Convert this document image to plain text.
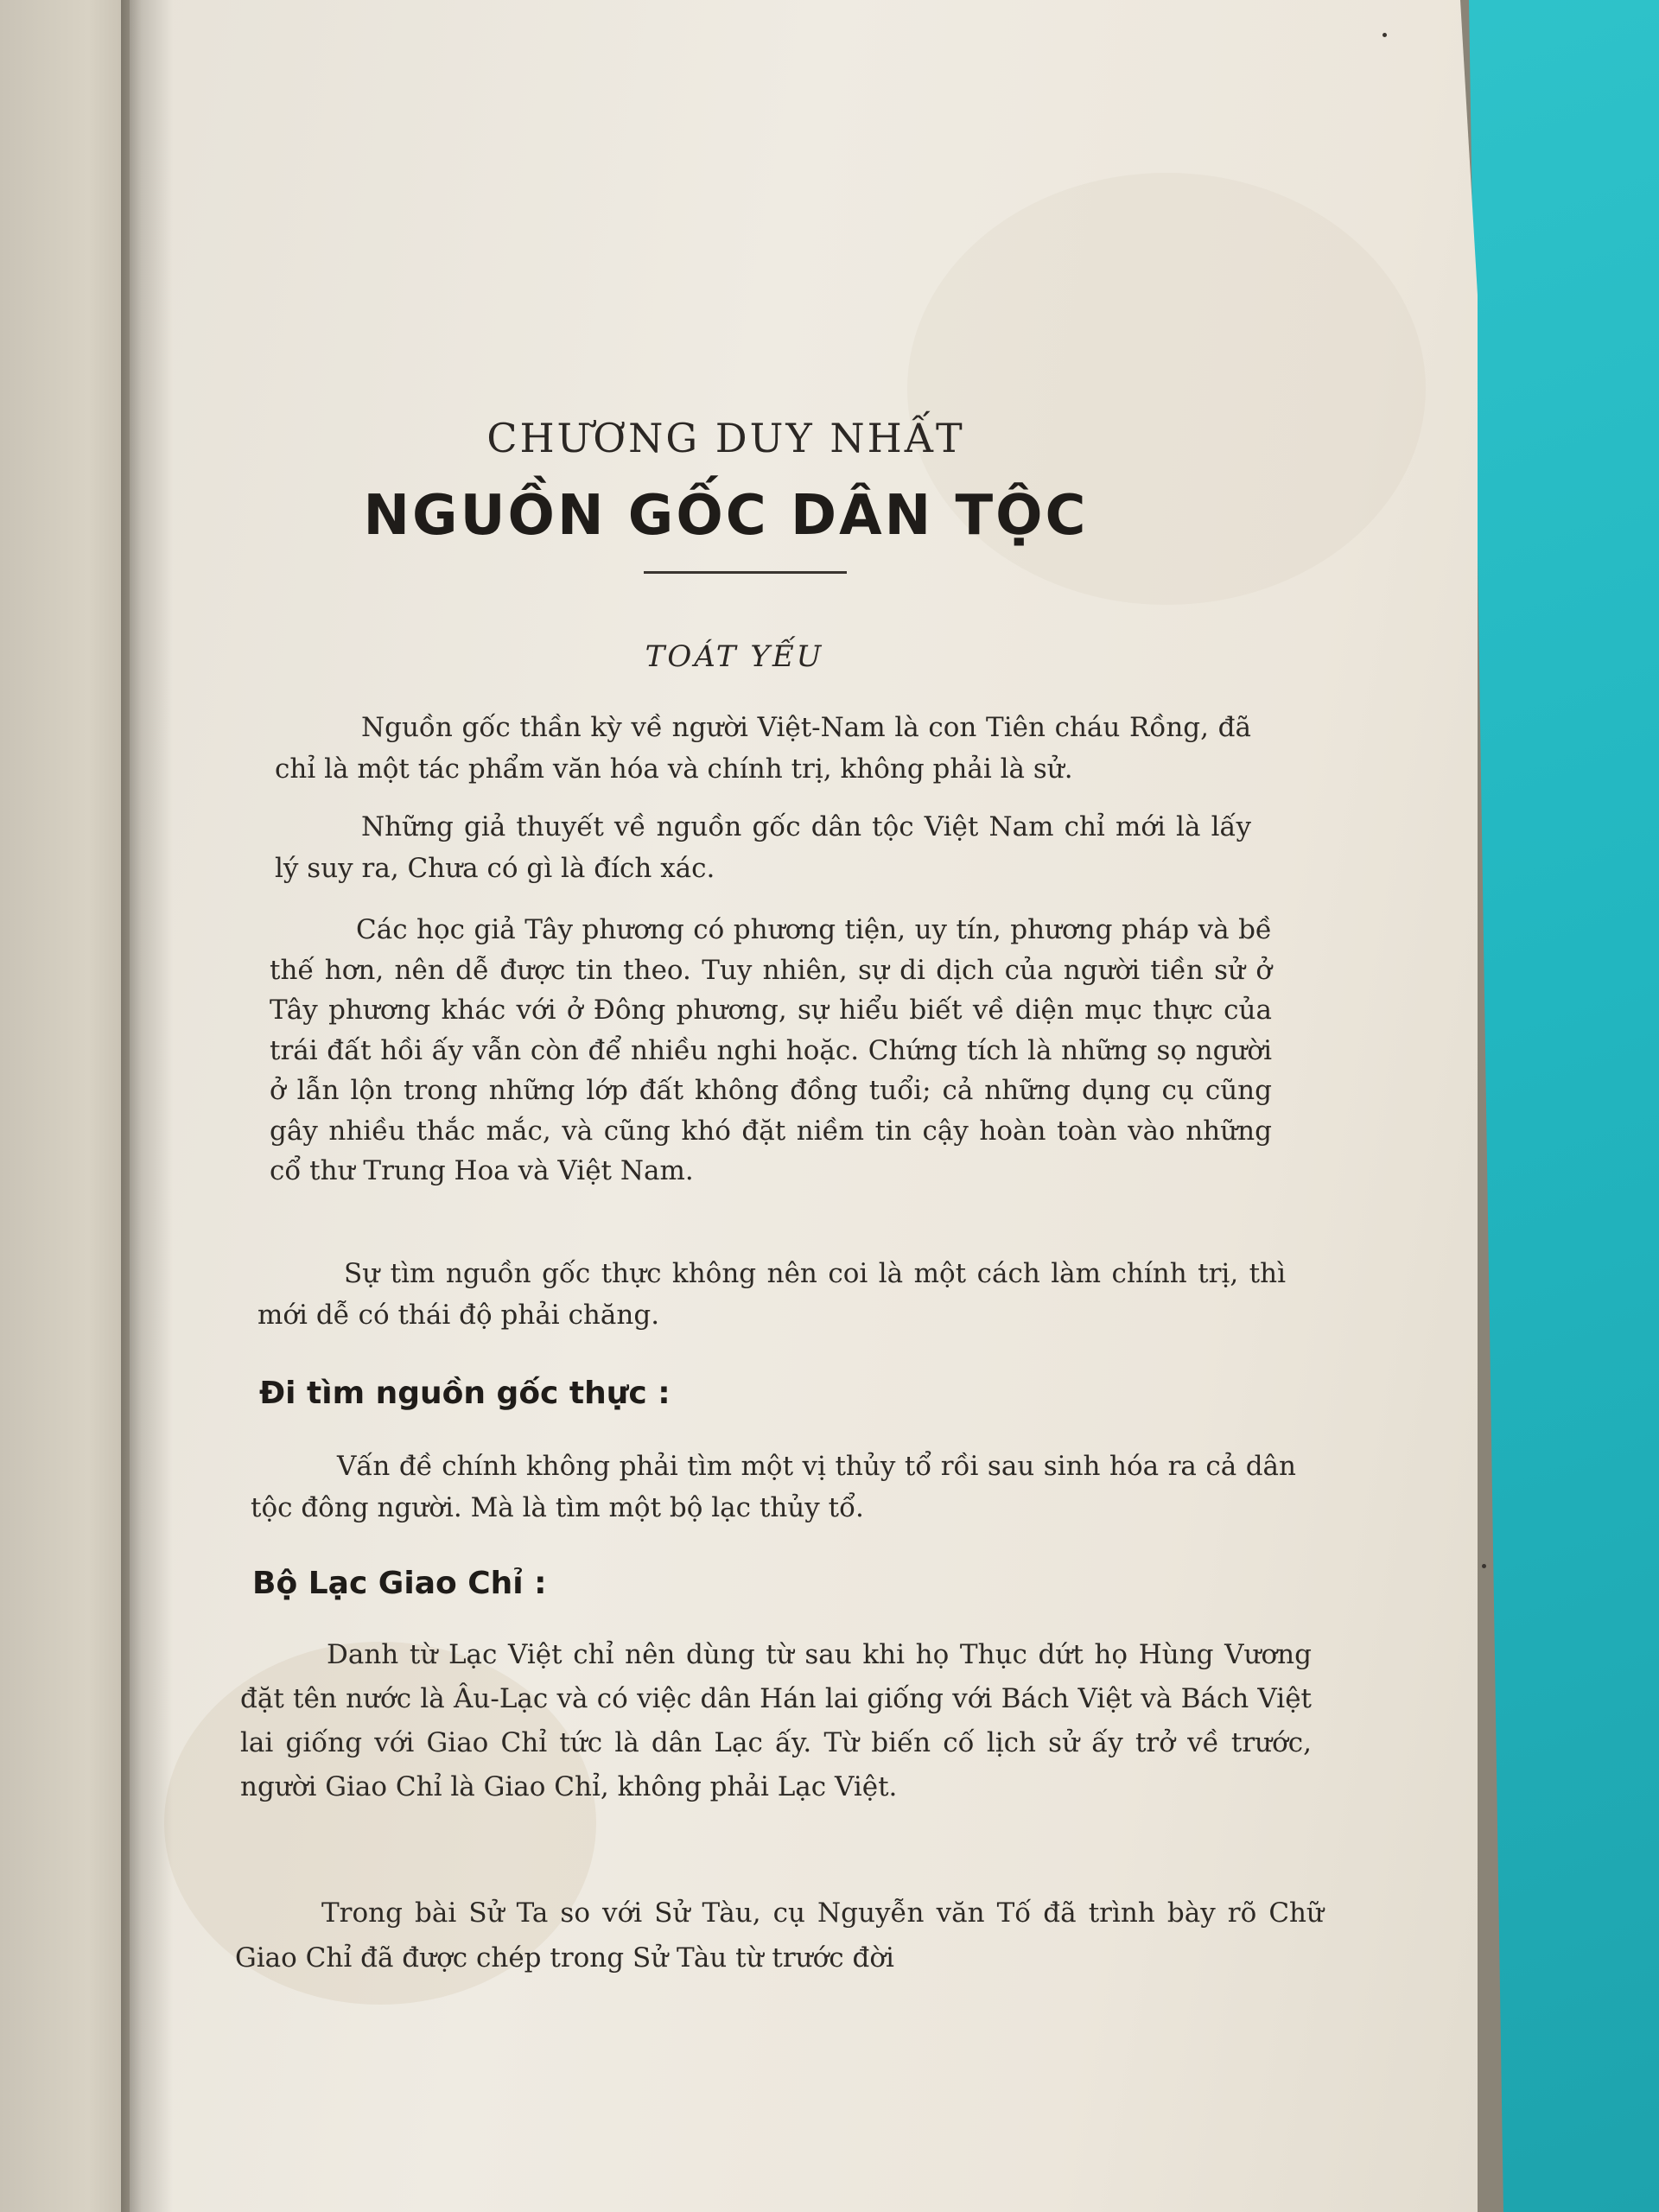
CHƯƠNG DUY NHẤT
NGUỒN GỐC DÂN TỘC
TOÁT YẾU

Nguồn gốc thần kỳ về người Việt-Nam là con Tiên cháu Rồng, đã chỉ là một tác phẩm văn hóa và chính trị, không phải là sử.

Những giả thuyết về nguồn gốc dân tộc Việt Nam chỉ mới là lấy lý suy ra, Chưa có gì là đích xác.

Các học giả Tây phương có phương tiện, uy tín, phương pháp và bề thế hơn, nên dễ được tin theo. Tuy nhiên, sự di dịch của người tiền sử ở Tây phương khác với ở Đông phương, sự hiểu biết về diện mục thực của trái đất hồi ấy vẫn còn để nhiều nghi hoặc. Chứng tích là những sọ người ở lẫn lộn trong những lớp đất không đồng tuổi; cả những dụng cụ cũng gây nhiều thắc mắc, và cũng khó đặt niềm tin cậy hoàn toàn vào những cổ thư Trung Hoa và Việt Nam.

Sự tìm nguồn gốc thực không nên coi là một cách làm chính trị, thì mới dễ có thái độ phải chăng.

Đi tìm nguồn gốc thực :

Vấn đề chính không phải tìm một vị thủy tổ rồi sau sinh hóa ra cả dân tộc đông người. Mà là tìm một bộ lạc thủy tổ.

Bộ Lạc Giao Chỉ :

Danh từ Lạc Việt chỉ nên dùng từ sau khi họ Thục dứt họ Hùng Vương đặt tên nước là Âu-Lạc và có việc dân Hán lai giống với Bách Việt và Bách Việt lai giống với Giao Chỉ tức là dân Lạc ấy. Từ biến cố lịch sử ấy trở về trước, người Giao Chỉ là Giao Chỉ, không phải Lạc Việt.

Trong bài Sử Ta so với Sử Tàu, cụ Nguyễn văn Tố đã trình bày rõ Chữ Giao Chỉ đã được chép trong Sử Tàu từ trước đời
